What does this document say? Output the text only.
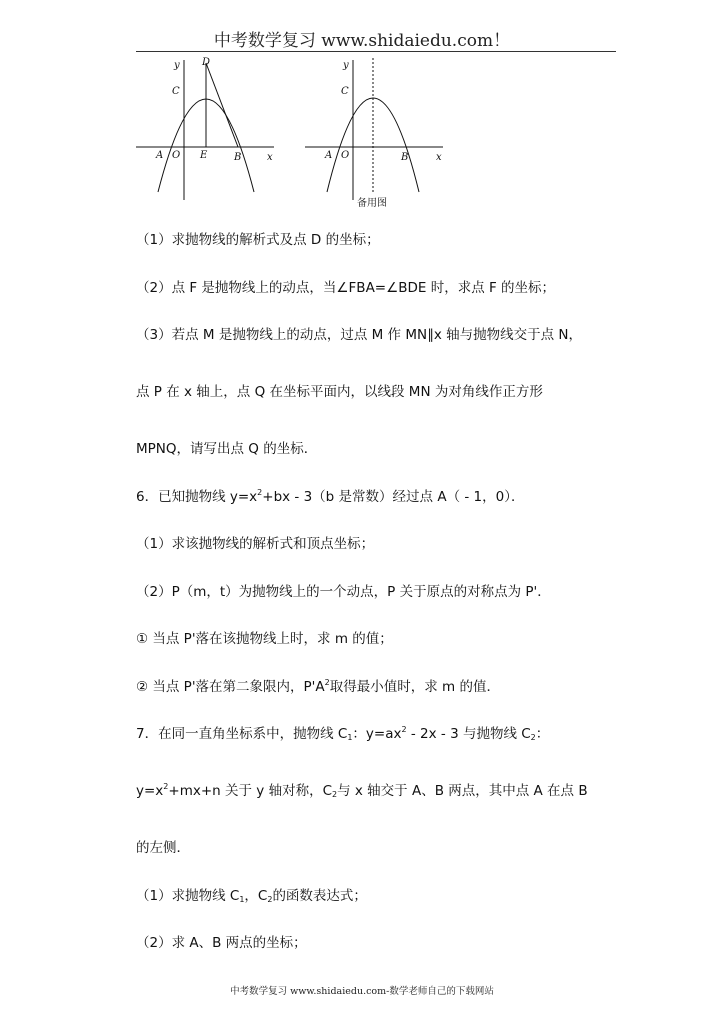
中考数学复习 www.shidaiedu.com！
y D
C
A O E	B	x
y
C
A O	B	x
备用图
（1）求抛物线的解析式及点 D 的坐标；
（2）点 F 是抛物线上的动点，当∠FBA=∠BDE 时，求点 F 的坐标；
（3）若点 M 是抛物线上的动点，过点 M 作 MN∥x 轴与抛物线交于点 N，
点 P 在 x 轴上，点 Q 在坐标平面内，以线段 MN 为对角线作正方形
MPNQ，请写出点 Q 的坐标．
6．已知抛物线 $y=x^2+bx - 3(b$ 是常数）经过点 A（ - 1，0）．
（1）求该抛物线的解析式和顶点坐标；
（2）P（m，t）为抛物线上的一个动点，P 关于原点的对称点为 P'．
① 当点 P'落在该抛物线上时，求 m 的值；
② 当点 P'落在第二象限内，$P'A^2$取得最小值时，求 m 的值．
7．在同一直角坐标系中，抛物线 $C_1$：$y=ax^2 - 2x - 3$ 与抛物线 $C_2$：
$y=x^2+mx+n$ 关于 y 轴对称，$C_2$与 x 轴交于 A、B 两点，其中点 A 在点 B
的左侧．
（1）求抛物线 $C_1$，$C_2$的函数表达式；
（2）求 A、B 两点的坐标；
中考数学复习 www.shidaiedu.com-数学老师自己的下载网站
